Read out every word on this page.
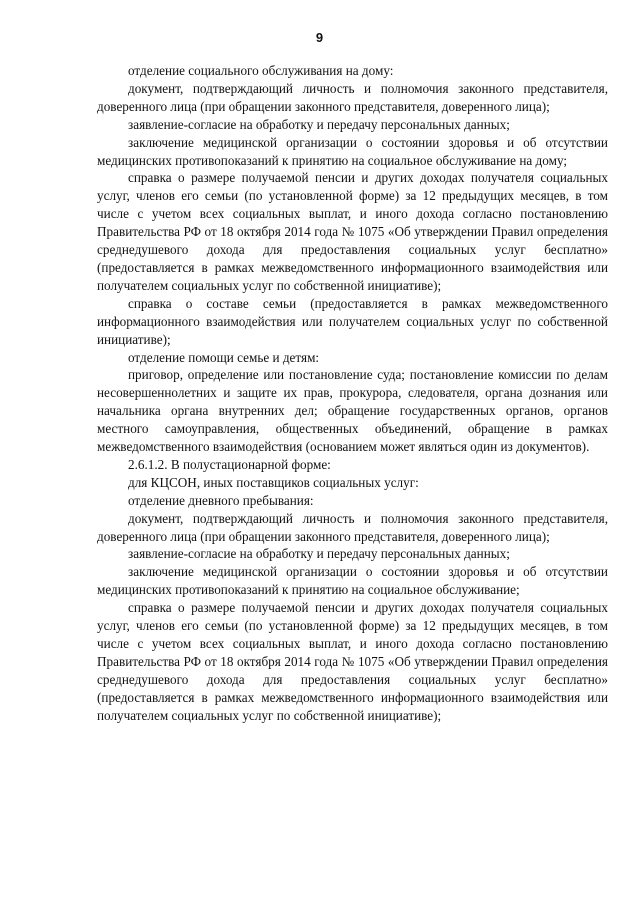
9

отделение социального обслуживания на дому:

документ, подтверждающий личность и полномочия законного представителя, доверенного лица (при обращении законного представителя, доверенного лица);

заявление-согласие на обработку и передачу персональных данных;

заключение медицинской организации о состоянии здоровья и об отсутствии медицинских противопоказаний к принятию на социальное обслуживание на дому;

справка о размере получаемой пенсии и других доходах получателя социальных услуг, членов его семьи (по установленной форме) за 12 предыдущих месяцев, в том числе с учетом всех социальных выплат, и иного дохода согласно постановлению Правительства РФ от 18 октября 2014 года № 1075 «Об утверждении Правил определения среднедушевого дохода для предоставления социальных услуг бесплатно» (предоставляется в рамках межведомственного информационного взаимодействия или получателем социальных услуг по собственной инициативе);

справка о составе семьи (предоставляется в рамках межведомственного информационного взаимодействия или получателем социальных услуг по собственной инициативе);

отделение помощи семье и детям:

приговор, определение или постановление суда; постановление комиссии по делам несовершеннолетних и защите их прав, прокурора, следователя, органа дознания или начальника органа внутренних дел; обращение государственных органов, органов местного самоуправления, общественных объединений, обращение в рамках межведомственного взаимодействия (основанием может являться один из документов).

2.6.1.2. В полустационарной форме:

для КЦСОН, иных поставщиков социальных услуг:

отделение дневного пребывания:

документ, подтверждающий личность и полномочия законного представителя, доверенного лица (при обращении законного представителя, доверенного лица);

заявление-согласие на обработку и передачу персональных данных;

заключение медицинской организации о состоянии здоровья и об отсутствии медицинских противопоказаний к принятию на социальное обслуживание;

справка о размере получаемой пенсии и других доходах получателя социальных услуг, членов его семьи (по установленной форме) за 12 предыдущих месяцев, в том числе с учетом всех социальных выплат, и иного дохода согласно постановлению Правительства РФ от 18 октября 2014 года № 1075 «Об утверждении Правил определения среднедушевого дохода для предоставления социальных услуг бесплатно» (предоставляется в рамках межведомственного информационного взаимодействия или получателем социальных услуг по собственной инициативе);
